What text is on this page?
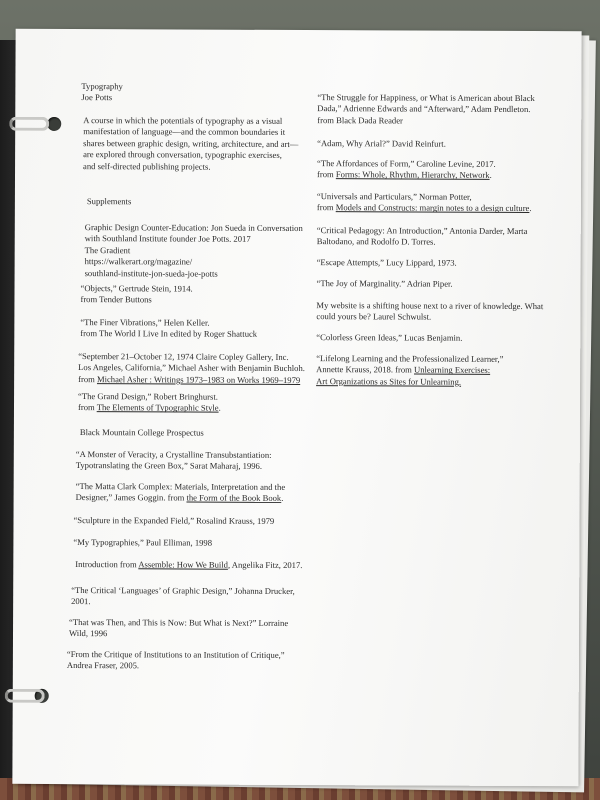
Typography
Joe Potts
A course in which the potentials of typography as a visual
manifestation of language—and the common boundaries it
shares between graphic design, writing, architecture, and art—
are explored through conversation, typographic exercises,
and self-directed publishing projects.
Supplements
Graphic Design Counter-Education: Jon Sueda in Conversation
with Southland Institute founder Joe Potts. 2017
The Gradient
https://walkerart.org/magazine/
southland-institute-jon-sueda-joe-potts
“Objects,” Gertrude Stein, 1914.
from Tender Buttons
“The Finer Vibrations,” Helen Keller.
from The World I Live In edited by Roger Shattuck
“September 21–October 12, 1974 Claire Copley Gallery, Inc.
Los Angeles, California,” Michael Asher with Benjamin Buchloh.
from Michael Asher : Writings 1973–1983 on Works 1969–1979
“The Grand Design,” Robert Bringhurst.
from The Elements of Typographic Style.
Black Mountain College Prospectus
“A Monster of Veracity, a Crystalline Transubstantiation:
Typotranslating the Green Box,” Sarat Maharaj, 1996.
“The Matta Clark Complex: Materials, Interpretation and the
Designer,” James Goggin. from the Form of the Book Book.
“Sculpture in the Expanded Field,” Rosalind Krauss, 1979
“My Typographies,” Paul Elliman, 1998
Introduction from Assemble: How We Build, Angelika Fitz, 2017.
“The Critical ‘Languages’ of Graphic Design,” Johanna Drucker,
2001.
“That was Then, and This is Now: But What is Next?” Lorraine
Wild, 1996
“From the Critique of Institutions to an Institution of Critique,”
Andrea Fraser, 2005.
“The Struggle for Happiness, or What is American about Black
Dada,” Adrienne Edwards and “Afterward,” Adam Pendleton.
from Black Dada Reader
“Adam, Why Arial?” David Reinfurt.
“The Affordances of Form,” Caroline Levine, 2017.
from Forms: Whole, Rhythm, Hierarchy, Network.
“Universals and Particulars,” Norman Potter,
from Models and Constructs: margin notes to a design culture.
“Critical Pedagogy: An Introduction,” Antonia Darder, Marta
Baltodano, and Rodolfo D. Torres.
“Escape Attempts,” Lucy Lippard, 1973.
“The Joy of Marginality.” Adrian Piper.
My website is a shifting house next to a river of knowledge. What
could yours be? Laurel Schwulst.
“Colorless Green Ideas,” Lucas Benjamin.
“Lifelong Learning and the Professionalized Learner,”
Annette Krauss, 2018. from Unlearning Exercises:
Art Organizations as Sites for Unlearning.
